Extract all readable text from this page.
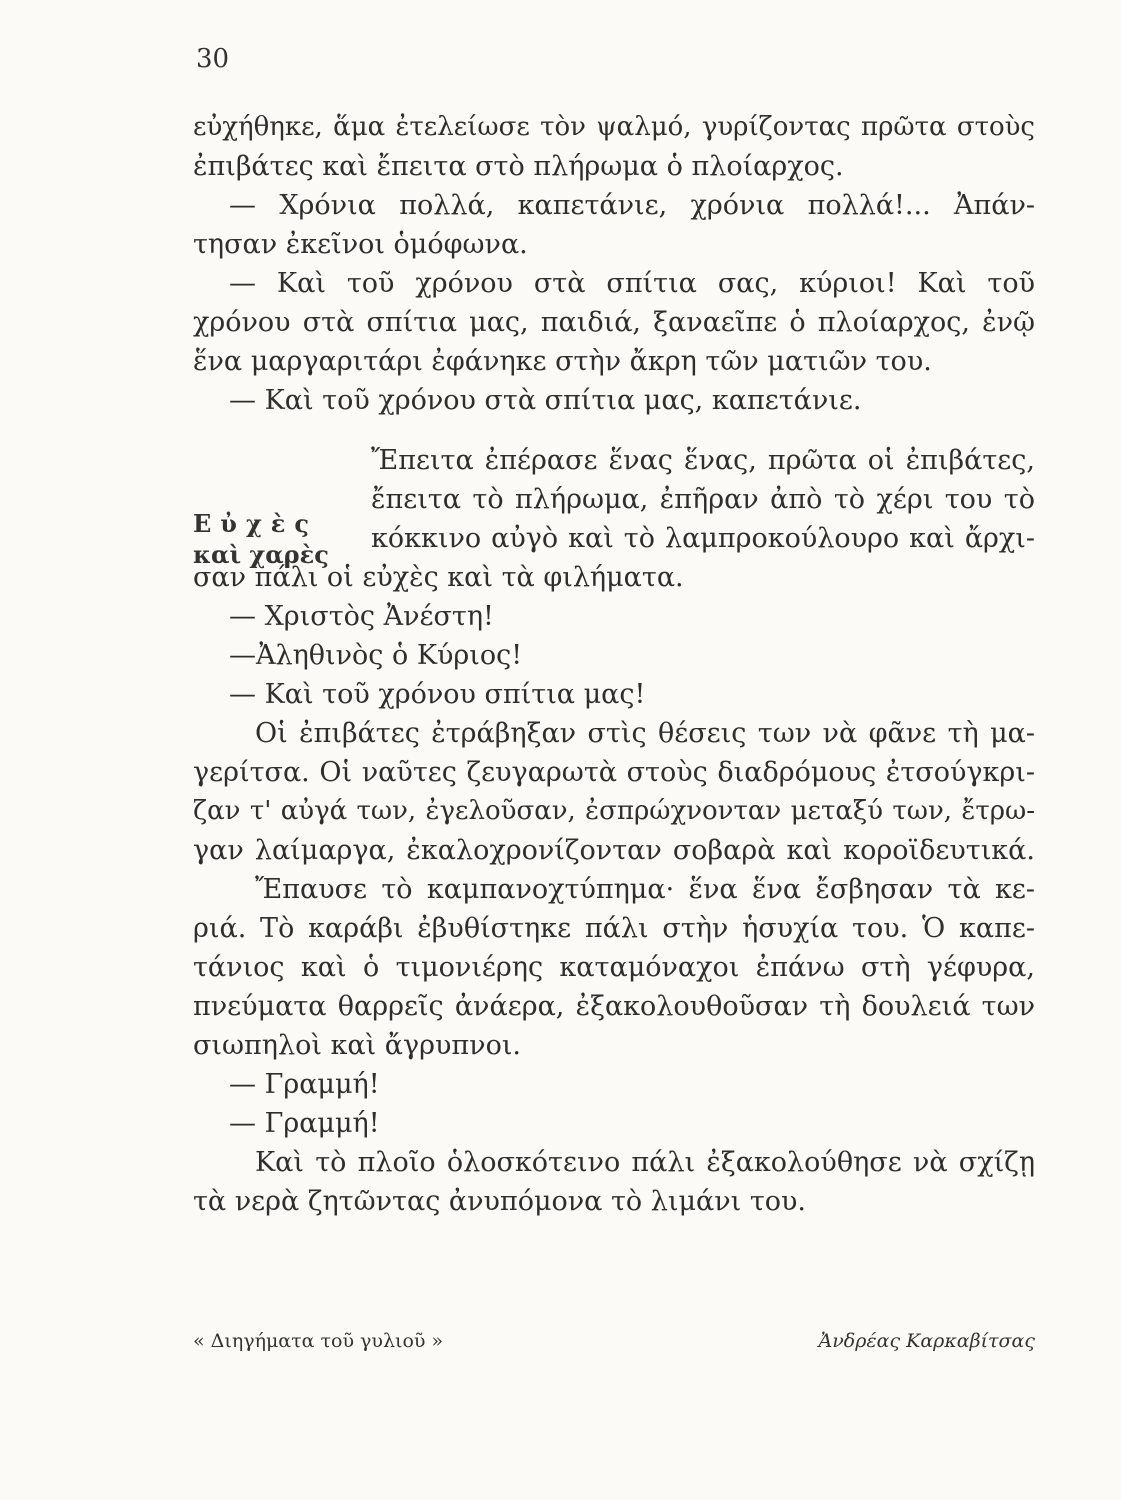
30
Εὐχὲς
καὶ χαρὲς
εὐχήθηκε, ἅμα ἐτελείωσε τὸν ψαλμό, γυρίζοντας πρῶτα στοὺς
ἐπιβάτες καὶ ἔπειτα στὸ πλήρωμα ὁ πλοίαρχος.
— Χρόνια πολλά, καπετάνιε, χρόνια πολλά!... Ἀπάν-
τησαν ἐκεῖνοι ὁμόφωνα.
— Καὶ τοῦ χρόνου στὰ σπίτια σας, κύριοι! Καὶ τοῦ
χρόνου στὰ σπίτια μας, παιδιά, ξαναεῖπε ὁ πλοίαρχος, ἐνῷ
ἕνα μαργαριτάρι ἐφάνηκε στὴν ἄκρη τῶν ματιῶν του.
— Καὶ τοῦ χρόνου στὰ σπίτια μας, καπετάνιε.
Ἔπειτα ἐπέρασε ἕνας ἕνας, πρῶτα οἱ ἐπιβάτες,
ἔπειτα τὸ πλήρωμα, ἐπῆραν ἀπὸ τὸ χέρι του τὸ
κόκκινο αὐγὸ καὶ τὸ λαμπροκούλουρο καὶ ἄρχι-
σαν πάλι οἱ εὐχὲς καὶ τὰ φιλήματα.
— Χριστὸς Ἀνέστη!
—Ἀληθινὸς ὁ Κύριος!
— Καὶ τοῦ χρόνου σπίτια μας!
Οἱ ἐπιβάτες ἐτράβηξαν στὶς θέσεις των νὰ φᾶνε τὴ μα-
γερίτσα. Οἱ ναῦτες ζευγαρωτὰ στοὺς διαδρόμους ἐτσούγκρι-
ζαν τ' αὐγά των, ἐγελοῦσαν, ἐσπρώχνονταν μεταξύ των, ἔτρω-
γαν λαίμαργα, ἐκαλοχρονίζονταν σοβαρὰ καὶ κοροϊδευτικά.
Ἔπαυσε τὸ καμπανοχτύπημα· ἕνα ἕνα ἔσβησαν τὰ κε-
ριά. Τὸ καράβι ἐβυθίστηκε πάλι στὴν ἡσυχία του. Ὁ καπε-
τάνιος καὶ ὁ τιμονιέρης καταμόναχοι ἐπάνω στὴ γέφυρα,
πνεύματα θαρρεῖς ἀνάερα, ἐξακολουθοῦσαν τὴ δουλειά των
σιωπηλοὶ καὶ ἄγρυπνοι.
— Γραμμή!
— Γραμμή!
Καὶ τὸ πλοῖο ὁλοσκότεινο πάλι ἐξακολούθησε νὰ σχίζῃ
τὰ νερὰ ζητῶντας ἀνυπόμονα τὸ λιμάνι του.
« Διηγήματα τοῦ γυλιοῦ »	Ἀνδρέας Καρκαβίτσας
